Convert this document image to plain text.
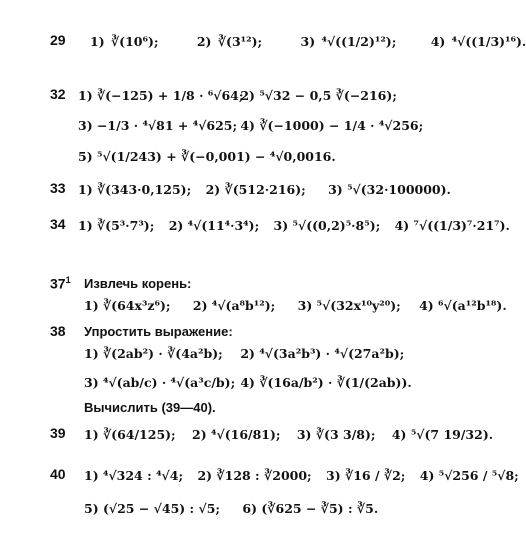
29 1) ∛(10⁶);	2) ∛(3¹²);	3) ⁴√((1/2)¹²);	4) ⁴√((1/3)¹⁶).
32 1) ∛(−125) + 1/8 · ⁶√64; 2) ⁵√32 − 0,5 ∛(−216);
3) −1/3 · ⁴√81 + ⁴√625; 4) ∛(−1000) − 1/4 · ⁴√256;
5) ⁵√(1/243) + ∛(−0,001) − ⁴√0,0016.
33 1) ∛(343·0,125); 2) ∛(512·216); 3) ⁵√(32·100000).
34 1) ∛(5³·7³); 2) ⁴√(11⁴·3⁴); 3) ⁵√((0,2)⁵·8⁵); 4) ⁷√((1/3)⁷·21⁷).
$37^1$ Извлечь корень:
1) ∛(64x³z⁶); 2) ⁴√(a⁸b¹²); 3) ⁵√(32x¹⁰y²⁰); 4) ⁶√(a¹²b¹⁸).
38 Упростить выражение:
1) ∛(2ab²) · ∛(4a²b); 2) ⁴√(3a²b³) · ⁴√(27a²b);
3) ⁴√(ab/c) · ⁴√(a³c/b); 4) ∛(16a/b²) · ∛(1/(2ab)).
Вычислить (39—40).
39 1) ∛(64/125); 2) ⁴√(16/81); 3) ∛(3 3/8); 4) ⁵√(7 19/32).
40 1) ⁴√324 : ⁴√4; 2) ∛128 : ∛2000; 3) ∛16 / ∛2; 4) ⁵√256 / ⁵√8;
5) (√25 − √45) : √5; 6) (∛625 − ∛5) : ∛5.
